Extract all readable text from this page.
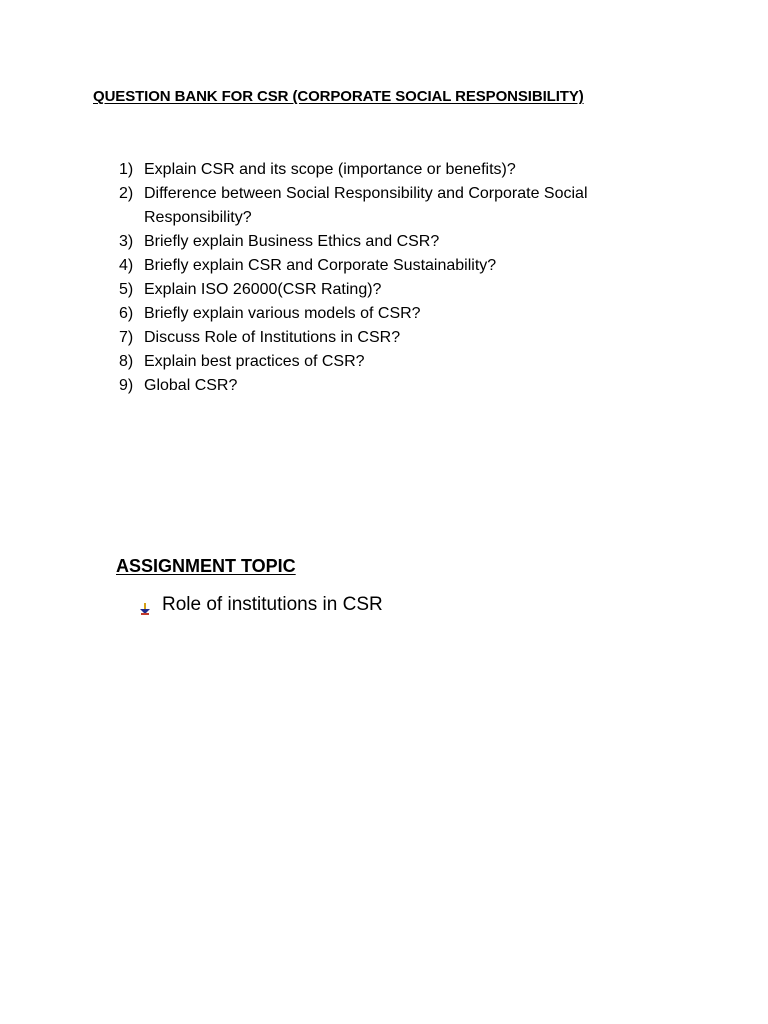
QUESTION BANK FOR CSR (CORPORATE SOCIAL RESPONSIBILITY)
1) Explain CSR and its scope (importance or benefits)?
2) Difference between Social Responsibility and Corporate Social Responsibility?
3) Briefly explain Business Ethics and CSR?
4) Briefly explain CSR and Corporate Sustainability?
5) Explain ISO 26000(CSR Rating)?
6) Briefly explain various models of CSR?
7) Discuss Role of Institutions in CSR?
8) Explain best practices of CSR?
9) Global CSR?
ASSIGNMENT TOPIC
Role of institutions in CSR
